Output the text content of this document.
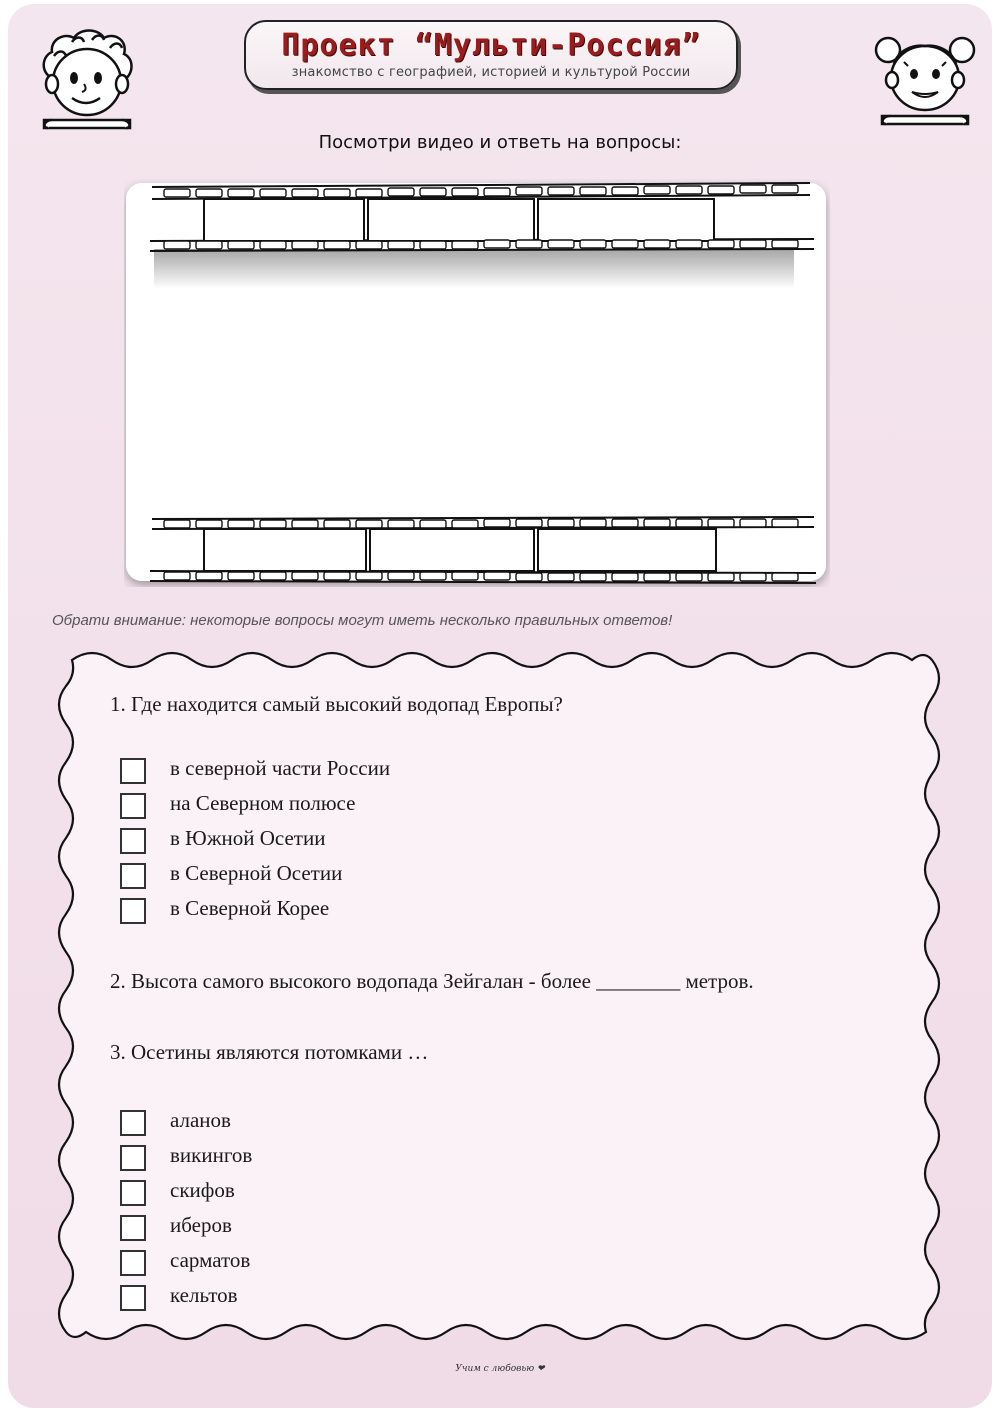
Проект “Мульти-Россия”
знакомство с географией, историей и культурой России
Посмотри видео и ответь на вопросы:
Обрати внимание: некоторые вопросы могут иметь несколько правильных ответов!
1. Где находится самый высокий водопад Европы?
в северной части России
на Северном полюсе
в Южной Осетии
в Северной Осетии
в Северной Корее
2. Высота самого высокого водопада Зейгалан - более ________ метров.
3. Осетины являются потомками …
аланов
викингов
скифов
иберов
сарматов
кельтов
Учим с любовью ❤
